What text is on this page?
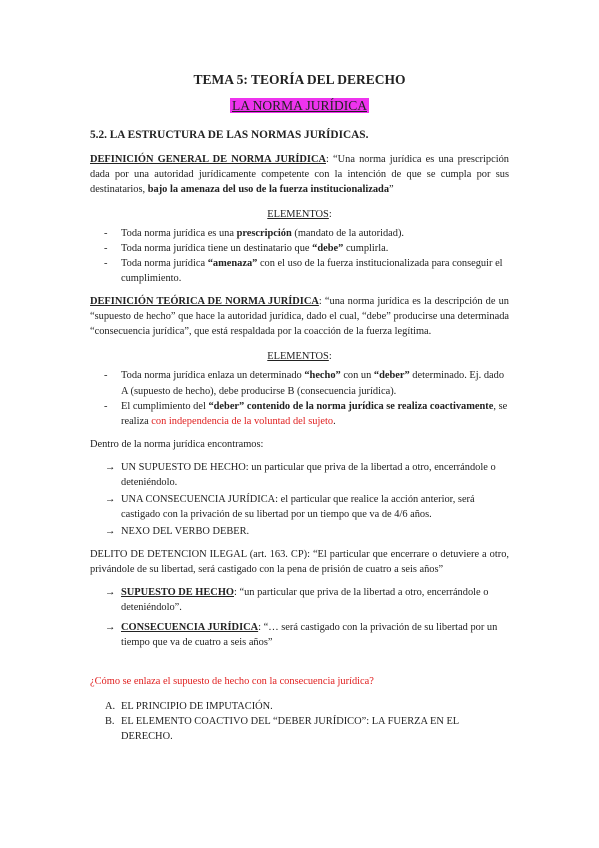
TEMA 5: TEORÍA DEL DERECHO
LA NORMA JURÍDICA
5.2. LA ESTRUCTURA DE LAS NORMAS JURÍDICAS.

DEFINICIÓN GENERAL DE NORMA JURÍDICA: “Una norma jurídica es una prescripción dada por una autoridad jurídicamente competente con la intención de que se cumpla por sus destinatarios, bajo la amenaza del uso de la fuerza institucionalizada”

ELEMENTOS:
- Toda norma jurídica es una prescripción (mandato de la autoridad).
- Toda norma jurídica tiene un destinatario que “debe” cumplirla.
- Toda norma jurídica “amenaza” con el uso de la fuerza institucionalizada para conseguir el cumplimiento.

DEFINICIÓN TEÓRICA DE NORMA JURÍDICA: “una norma jurídica es la descripción de un “supuesto de hecho” que hace la autoridad jurídica, dado el cual, “debe” producirse una determinada “consecuencia jurídica”, que está respaldada por la coacción de la fuerza legítima.

ELEMENTOS:
- Toda norma jurídica enlaza un determinado “hecho” con un “deber” determinado. Ej. dado A (supuesto de hecho), debe producirse B (consecuencia jurídica).
- El cumplimiento del “deber” contenido de la norma jurídica se realiza coactivamente, se realiza con independencia de la voluntad del sujeto.

Dentro de la norma jurídica encontramos:

→ UN SUPUESTO DE HECHO: un particular que priva de la libertad a otro, encerrándole o deteniéndolo.
→ UNA CONSECUENCIA JURÍDICA: el particular que realice la acción anterior, será castigado con la privación de su libertad por un tiempo que va de 4/6 años.
→ NEXO DEL VERBO DEBER.

DELITO DE DETENCION ILEGAL (art. 163. CP): “El particular que encerrare o detuviere a otro, privándole de su libertad, será castigado con la pena de prisión de cuatro a seis años”

→ SUPUESTO DE HECHO: “un particular que priva de la libertad a otro, encerrándole o deteniéndolo”.
→ CONSECUENCIA JURÍDICA: “… será castigado con la privación de su libertad por un tiempo que va de cuatro a seis años”

¿Cómo se enlaza el supuesto de hecho con la consecuencia jurídica?

A. EL PRINCIPIO DE IMPUTACIÓN.
B. EL ELEMENTO COACTIVO DEL “DEBER JURÍDICO”: LA FUERZA EN EL DERECHO.
